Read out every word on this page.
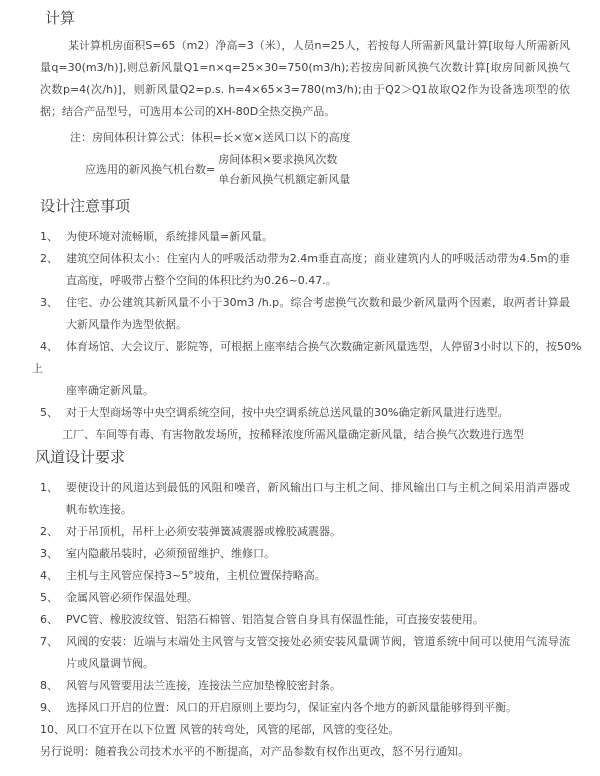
计算

某计算机房面积S=65（m2）净高=3（米），人员n=25人，若按每人所需新风量计算[取每人所需新风量q=30(m3/h)],则总新风量Q1=n×q=25×30=750(m3/h);若按房间新风换气次数计算[取房间新风换气次数p=4(次/h)]，则新风量Q2=p.s. h=4×65×3=780(m3/h);由于Q2＞Q1故取Q2作为设备选项型的依据；结合产品型号，可选用本公司的XH-80D全热交换产品。

注：房间体积计算公式：体积=长×宽×送风口以下的高度
应选用的新风换气机台数=
房间体积×要求换风次数
单台新风换气机额定新风量
设计注意事项
1、 为使环境对流畅顺，系统排风量=新风量。
2、 建筑空间体积太小：住室内人的呼吸活动带为2.4m垂直高度；商业建筑内人的呼吸活动带为4.5m的垂直高度，呼吸带占整个空间的体积比约为0.26~0.47.。
3、 住宅、办公建筑其新风量不小于30m3 /h.p。综合考虑换气次数和最少新风量两个因素，取两者计算最大新风量作为选型依据。
4、 体育场馆、大会议厅、影院等，可根据上座率结合换气次数确定新风量选型，人停留3小时以下的，按50%
上
座率确定新风量。
5、 对于大型商场等中央空调系统空间，按中央空调系统总送风量的30%确定新风量进行选型。
工厂、车间等有毒、有害物散发场所，按稀释浓度所需风量确定新风量，结合换气次数进行选型
风道设计要求
1、 要使设计的风道达到最低的风阻和噪音，新风输出口与主机之间、排风输出口与主机之间采用消声器或帆布软连接。
2、 对于吊顶机，吊杆上必须安装弹簧减震器或橡胶减震器。
3、 室内隐蔽吊装时，必须预留维护、维修口。
4、 主机与主风管应保持3~5°坡角，主机位置保持略高。
5、 金属风管必须作保温处理。
6、 PVC管、橡胶波纹管、铝箔石棉管、铝箔复合管自身具有保温性能，可直接安装使用。
7、 风阀的安装：近端与末端处主风管与支管交接处必须安装风量调节阀，管道系统中间可以使用气流导流片或风量调节阀。
8、 风管与风管要用法兰连接，连接法兰应加垫橡胶密封条。
9、 选择风口开启的位置：风口的开启原则上要均匀，保证室内各个地方的新风量能够得到平衡。
10、 风口不宜开在以下位置 风管的转弯处，风管的尾部，风管的变径处。
另行说明：随着我公司技术水平的不断提高，对产品参数有权作出更改，怒不另行通知。
